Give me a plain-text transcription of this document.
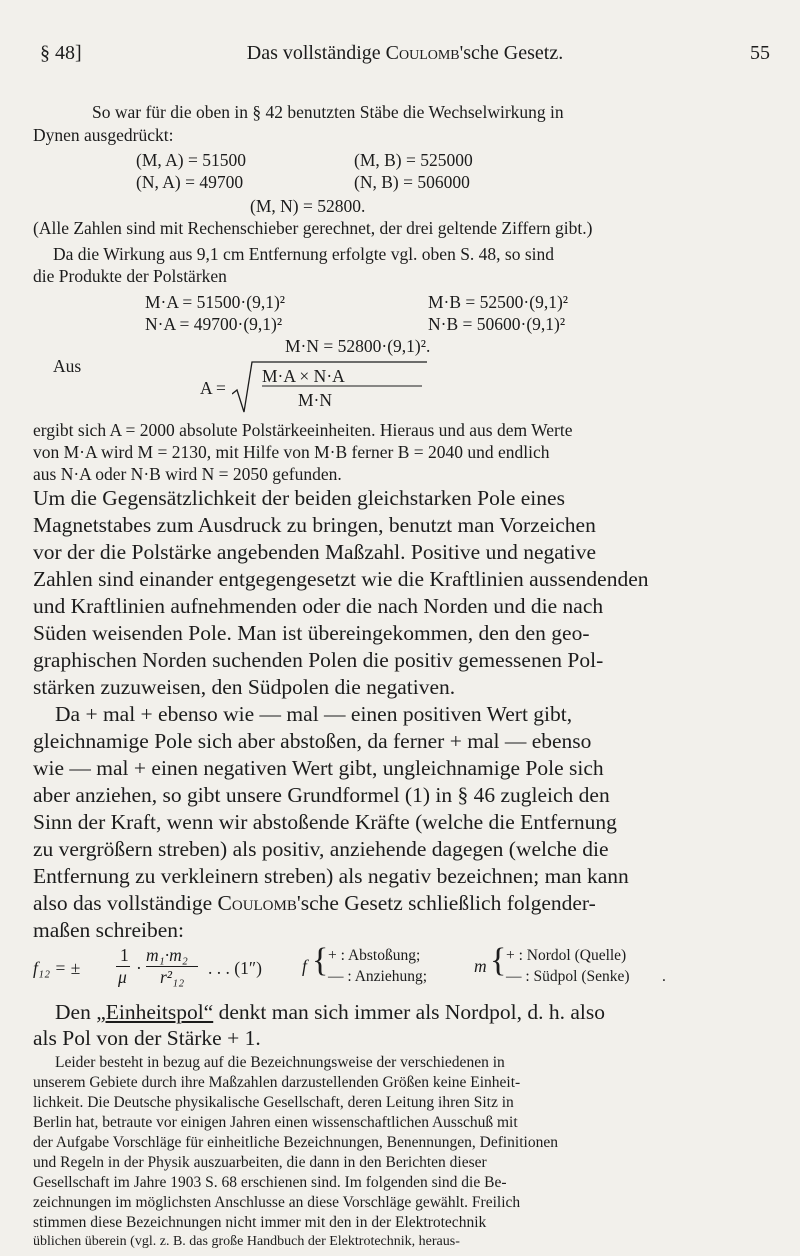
§ 48]	Das vollständige Coulomb'sche Gesetz.	55
So war für die oben in § 42 benutzten Stäbe die Wechselwirkung in
Dynen ausgedrückt:
(M, A) = 51500	(M, B) = 525000
(N, A) = 49700	(N, B) = 506000
(M, N) = 52800.
(Alle Zahlen sind mit Rechenschieber gerechnet, der drei geltende Ziffern gibt.)
Da die Wirkung aus 9,1 cm Entfernung erfolgte vgl. oben S. 48, so sind
die Produkte der Polstärken
M·A = 51500·(9,1)²	M·B = 52500·(9,1)²
N·A = 49700·(9,1)²	N·B = 50600·(9,1)²
M·N = 52800·(9,1)².
Aus
A =
M·A × N·A
M·N
ergibt sich A = 2000 absolute Polstärkeeinheiten. Hieraus und aus dem Werte
von M·A wird M = 2130, mit Hilfe von M·B ferner B = 2040 und endlich
aus N·A oder N·B wird N = 2050 gefunden.
Um die Gegensätzlichkeit der beiden gleichstarken Pole eines
Magnetstabes zum Ausdruck zu bringen, benutzt man Vorzeichen
vor der die Polstärke angebenden Maßzahl. Positive und negative
Zahlen sind einander entgegengesetzt wie die Kraftlinien aussendenden
und Kraftlinien aufnehmenden oder die nach Norden und die nach
Süden weisenden Pole. Man ist übereingekommen, den den geo-
graphischen Norden suchenden Polen die positiv gemessenen Pol-
stärken zuzuweisen, den Südpolen die negativen.
Da + mal + ebenso wie — mal — einen positiven Wert gibt,
gleichnamige Pole sich aber abstoßen, da ferner + mal — ebenso
wie — mal + einen negativen Wert gibt, ungleichnamige Pole sich
aber anziehen, so gibt unsere Grundformel (1) in § 46 zugleich den
Sinn der Kraft, wenn wir abstoßende Kräfte (welche die Entfernung
zu vergrößern streben) als positiv, anziehende dagegen (welche die
Entfernung zu verkleinern streben) als negativ bezeichnen; man kann
also das vollständige Coulomb'sche Gesetz schließlich folgender-
maßen schreiben:
f₁₂ = ±
1
μ ·
m₁·m₂
r²₁₂ . . . (1″) f { + : Abstoßung;
— : Anziehung;
m { + : Nordol (Quelle)
— : Südpol (Senke) .
Den „Einheitspol“ denkt man sich immer als Nordpol, d. h. also
als Pol von der Stärke + 1.
Leider besteht in bezug auf die Bezeichnungsweise der verschiedenen in
unserem Gebiete durch ihre Maßzahlen darzustellenden Größen keine Einheit-
lichkeit. Die Deutsche physikalische Gesellschaft, deren Leitung ihren Sitz in
Berlin hat, betraute vor einigen Jahren einen wissenschaftlichen Ausschuß mit
der Aufgabe Vorschläge für einheitliche Bezeichnungen, Benennungen, Definitionen
und Regeln in der Physik auszuarbeiten, die dann in den Berichten dieser
Gesellschaft im Jahre 1903 S. 68 erschienen sind. Im folgenden sind die Be-
zeichnungen im möglichsten Anschlusse an diese Vorschläge gewählt. Freilich
stimmen diese Bezeichnungen nicht immer mit den in der Elektrotechnik
üblichen überein (vgl. z. B. das große Handbuch der Elektrotechnik, heraus-
gegeben von C. Heinke, I, S. XIII, 1902). Um dem Leser die Übersicht möglichst zu erleichtern, finden sich am Schlusse des Buches die wichtigsten Bezeichnungen
